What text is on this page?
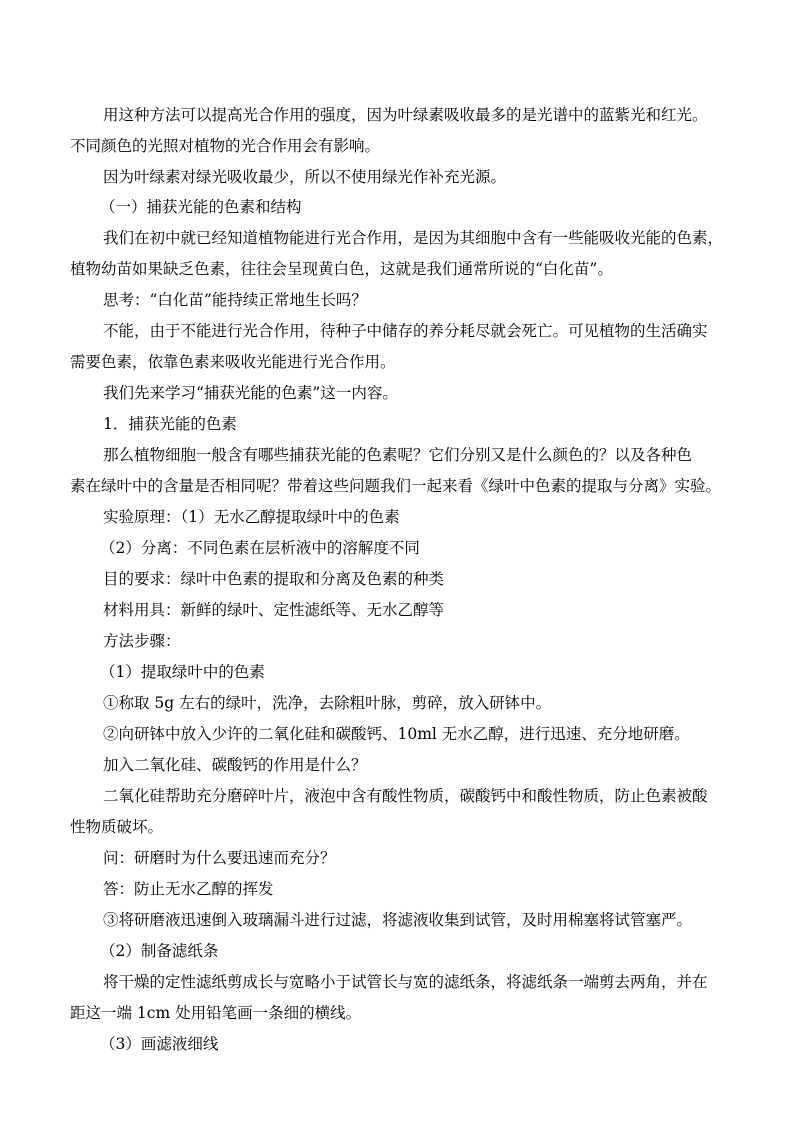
用这种方法可以提高光合作用的强度，因为叶绿素吸收最多的是光谱中的蓝紫光和红光。
不同颜色的光照对植物的光合作用会有影响。
因为叶绿素对绿光吸收最少，所以不使用绿光作补充光源。
（一）捕获光能的色素和结构
我们在初中就已经知道植物能进行光合作用，是因为其细胞中含有一些能吸收光能的色素，
植物幼苗如果缺乏色素，往往会呈现黄白色，这就是我们通常所说的“白化苗”。
思考：“白化苗”能持续正常地生长吗？
不能，由于不能进行光合作用，待种子中储存的养分耗尽就会死亡。可见植物的生活确实
需要色素，依靠色素来吸收光能进行光合作用。
我们先来学习“捕获光能的色素”这一内容。
1．捕获光能的色素
那么植物细胞一般含有哪些捕获光能的色素呢？它们分别又是什么颜色的？以及各种色
素在绿叶中的含量是否相同呢？带着这些问题我们一起来看《绿叶中色素的提取与分离》实验。
实验原理：（1）无水乙醇提取绿叶中的色素
（2）分离：不同色素在层析液中的溶解度不同
目的要求：绿叶中色素的提取和分离及色素的种类
材料用具：新鲜的绿叶、定性滤纸等、无水乙醇等
方法步骤：
（1）提取绿叶中的色素
①称取 5g 左右的绿叶，洗净，去除粗叶脉，剪碎，放入研钵中。
②向研钵中放入少许的二氧化硅和碳酸钙、10ml 无水乙醇，进行迅速、充分地研磨。
加入二氧化硅、碳酸钙的作用是什么？
二氧化硅帮助充分磨碎叶片，液泡中含有酸性物质，碳酸钙中和酸性物质，防止色素被酸
性物质破坏。
问：研磨时为什么要迅速而充分？
答：防止无水乙醇的挥发
③将研磨液迅速倒入玻璃漏斗进行过滤，将滤液收集到试管，及时用棉塞将试管塞严。
（2）制备滤纸条
将干燥的定性滤纸剪成长与宽略小于试管长与宽的滤纸条，将滤纸条一端剪去两角，并在
距这一端 1cm 处用铅笔画一条细的横线。
（3）画滤液细线
